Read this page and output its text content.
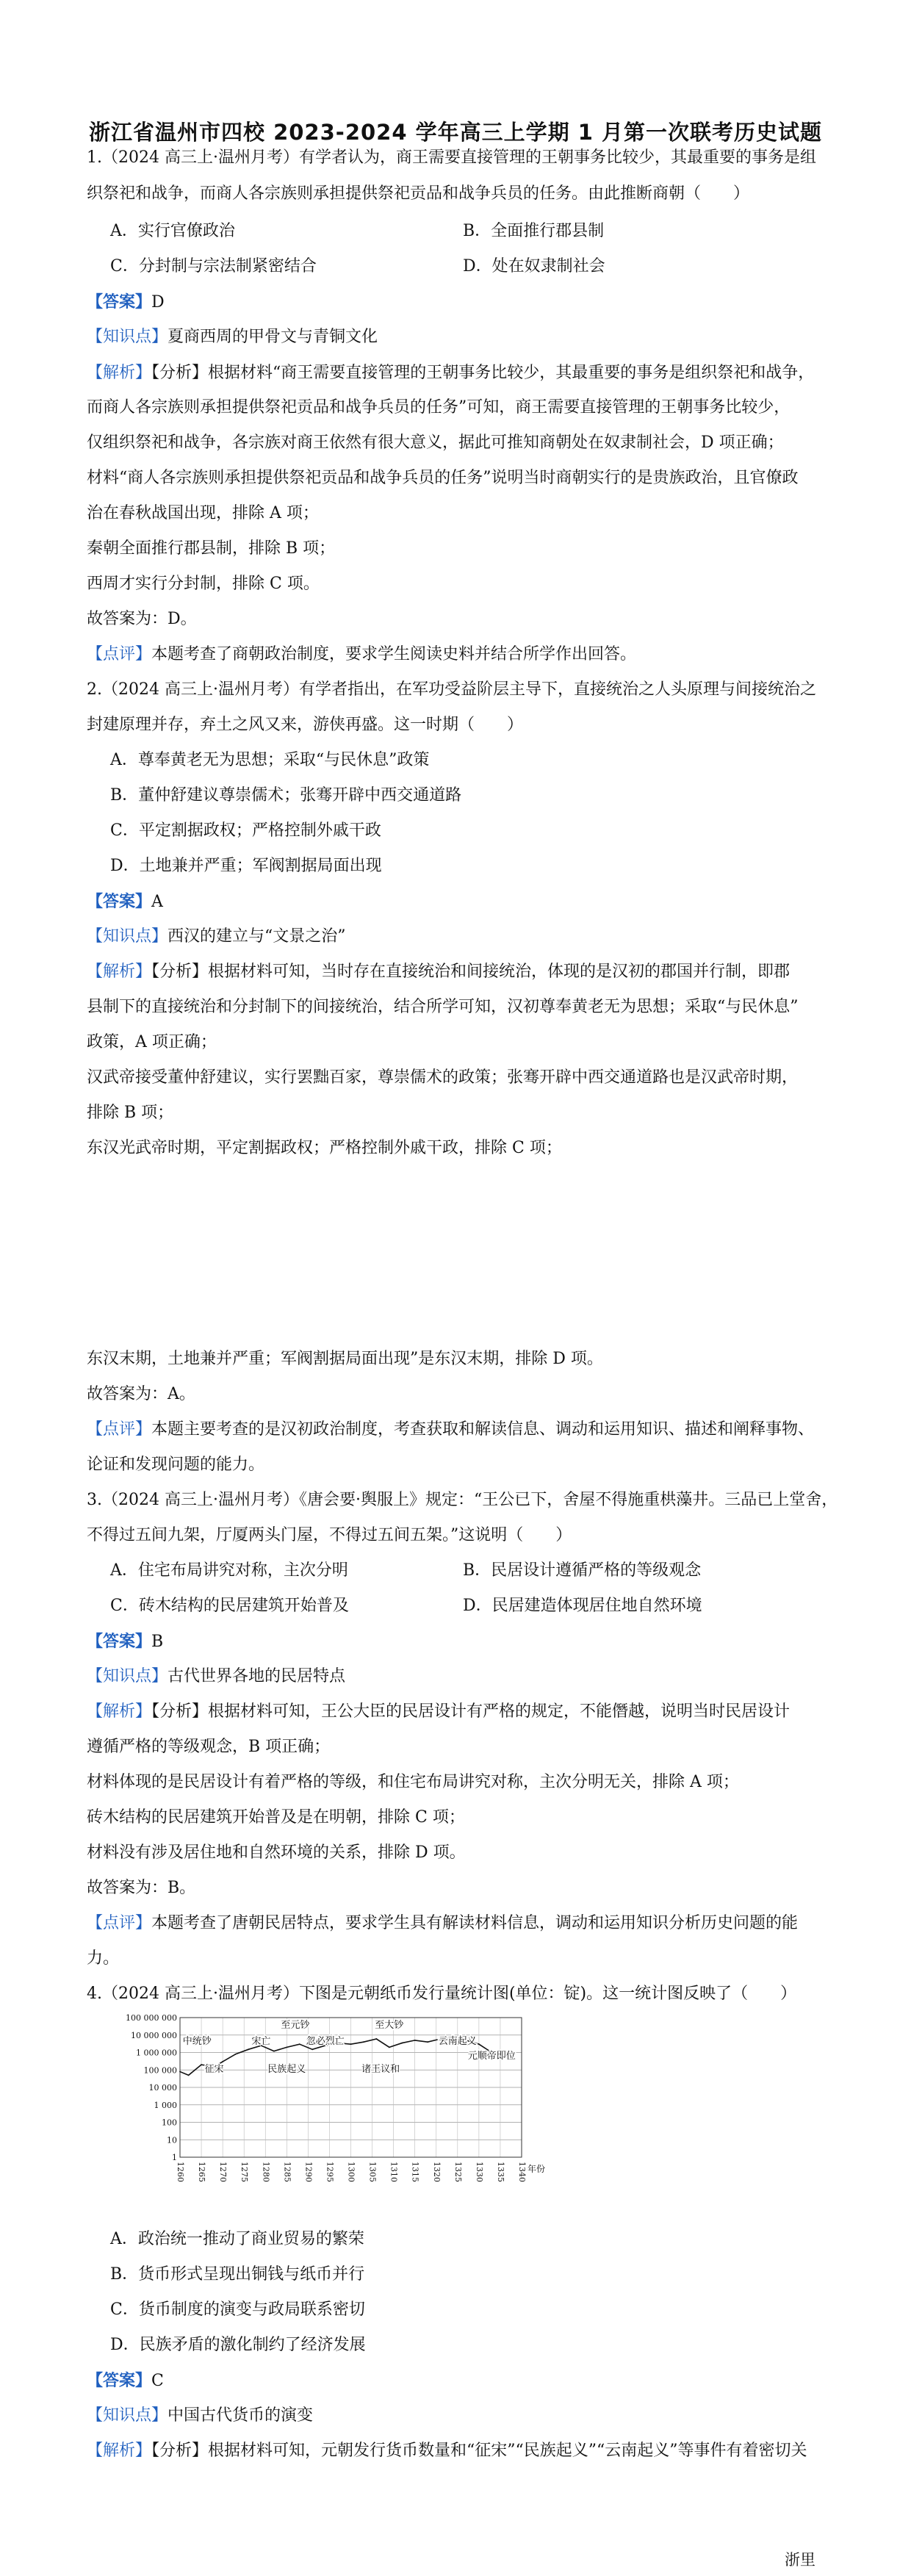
浙江省温州市四校 2023-2024 学年高三上学期 1 月第一次联考历史试题
1.（2024 高三上·温州月考）有学者认为，商王需要直接管理的王朝事务比较少，其最重要的事务是组
织祭祀和战争，而商人各宗族则承担提供祭祀贡品和战争兵员的任务。由此推断商朝（　　）
A．实行官僚政治	B．全面推行郡县制
C．分封制与宗法制紧密结合	D．处在奴隶制社会
【答案】D
【知识点】夏商西周的甲骨文与青铜文化
【解析】【分析】根据材料“商王需要直接管理的王朝事务比较少，其最重要的事务是组织祭祀和战争，
而商人各宗族则承担提供祭祀贡品和战争兵员的任务”可知，商王需要直接管理的王朝事务比较少，
仅组织祭祀和战争，各宗族对商王依然有很大意义，据此可推知商朝处在奴隶制社会，D 项正确；
材料“商人各宗族则承担提供祭祀贡品和战争兵员的任务”说明当时商朝实行的是贵族政治，且官僚政
治在春秋战国出现，排除 A 项；
秦朝全面推行郡县制，排除 B 项；
西周才实行分封制，排除 C 项。
故答案为：D。
【点评】本题考查了商朝政治制度，要求学生阅读史料并结合所学作出回答。
2.（2024 高三上·温州月考）有学者指出，在军功受益阶层主导下，直接统治之人头原理与间接统治之
封建原理并存，弃土之风又来，游侠再盛。这一时期（　　）
A．尊奉黄老无为思想；采取“与民休息”政策
B．董仲舒建议尊崇儒术；张骞开辟中西交通道路
C．平定割据政权；严格控制外戚干政
D．土地兼并严重；军阀割据局面出现
【答案】A
【知识点】西汉的建立与“文景之治”
【解析】【分析】根据材料可知，当时存在直接统治和间接统治，体现的是汉初的郡国并行制，即郡
县制下的直接统治和分封制下的间接统治，结合所学可知，汉初尊奉黄老无为思想；采取“与民休息”
政策，A 项正确；
汉武帝接受董仲舒建议，实行罢黜百家，尊崇儒术的政策；张骞开辟中西交通道路也是汉武帝时期，
排除 B 项；
东汉光武帝时期，平定割据政权；严格控制外戚干政，排除 C 项；
东汉末期，土地兼并严重；军阀割据局面出现”是东汉末期，排除 D 项。
故答案为：A。
【点评】本题主要考查的是汉初政治制度，考查获取和解读信息、调动和运用知识、描述和阐释事物、
论证和发现问题的能力。
3.（2024 高三上·温州月考）《唐会要·舆服上》规定：“王公已下，舍屋不得施重栱藻井。三品已上堂舍，
不得过五间九架，厅厦两头门屋，不得过五间五架。”这说明（　　）
A．住宅布局讲究对称，主次分明	B．民居设计遵循严格的等级观念
C．砖木结构的民居建筑开始普及	D．民居建造体现居住地自然环境
【答案】B
【知识点】古代世界各地的民居特点
【解析】【分析】根据材料可知，王公大臣的民居设计有严格的规定，不能僭越，说明当时民居设计
遵循严格的等级观念，B 项正确；
材料体现的是民居设计有着严格的等级，和住宅布局讲究对称，主次分明无关，排除 A 项；
砖木结构的民居建筑开始普及是在明朝，排除 C 项；
材料没有涉及居住地和自然环境的关系，排除 D 项。
故答案为：B。
【点评】本题考查了唐朝民居特点，要求学生具有解读材料信息，调动和运用知识分析历史问题的能
力。
4.（2024 高三上·温州月考）下图是元朝纸币发行量统计图(单位：锭)。这一统计图反映了（　　）
100 000 000
10 000 000
1 000 000
100 000
10 000
1 000
100
10
1
1260 1265 1270 1275 1280 1285 1290 1295 1300 1305 1310 1315 1320 1325 1330 1335 1340
至元钞	至大钞
中统钞	宋亡	忽必烈亡	云南起义
元顺帝即位
征宋	民族起义	诸王议和
年份
A．政治统一推动了商业贸易的繁荣
B．货币形式呈现出铜钱与纸币并行
C．货币制度的演变与政局联系密切
D．民族矛盾的激化制约了经济发展
【答案】C
【知识点】中国古代货币的演变
【解析】【分析】根据材料可知，元朝发行货币数量和“征宋”“民族起义”“云南起义”等事件有着密切关
浙里
